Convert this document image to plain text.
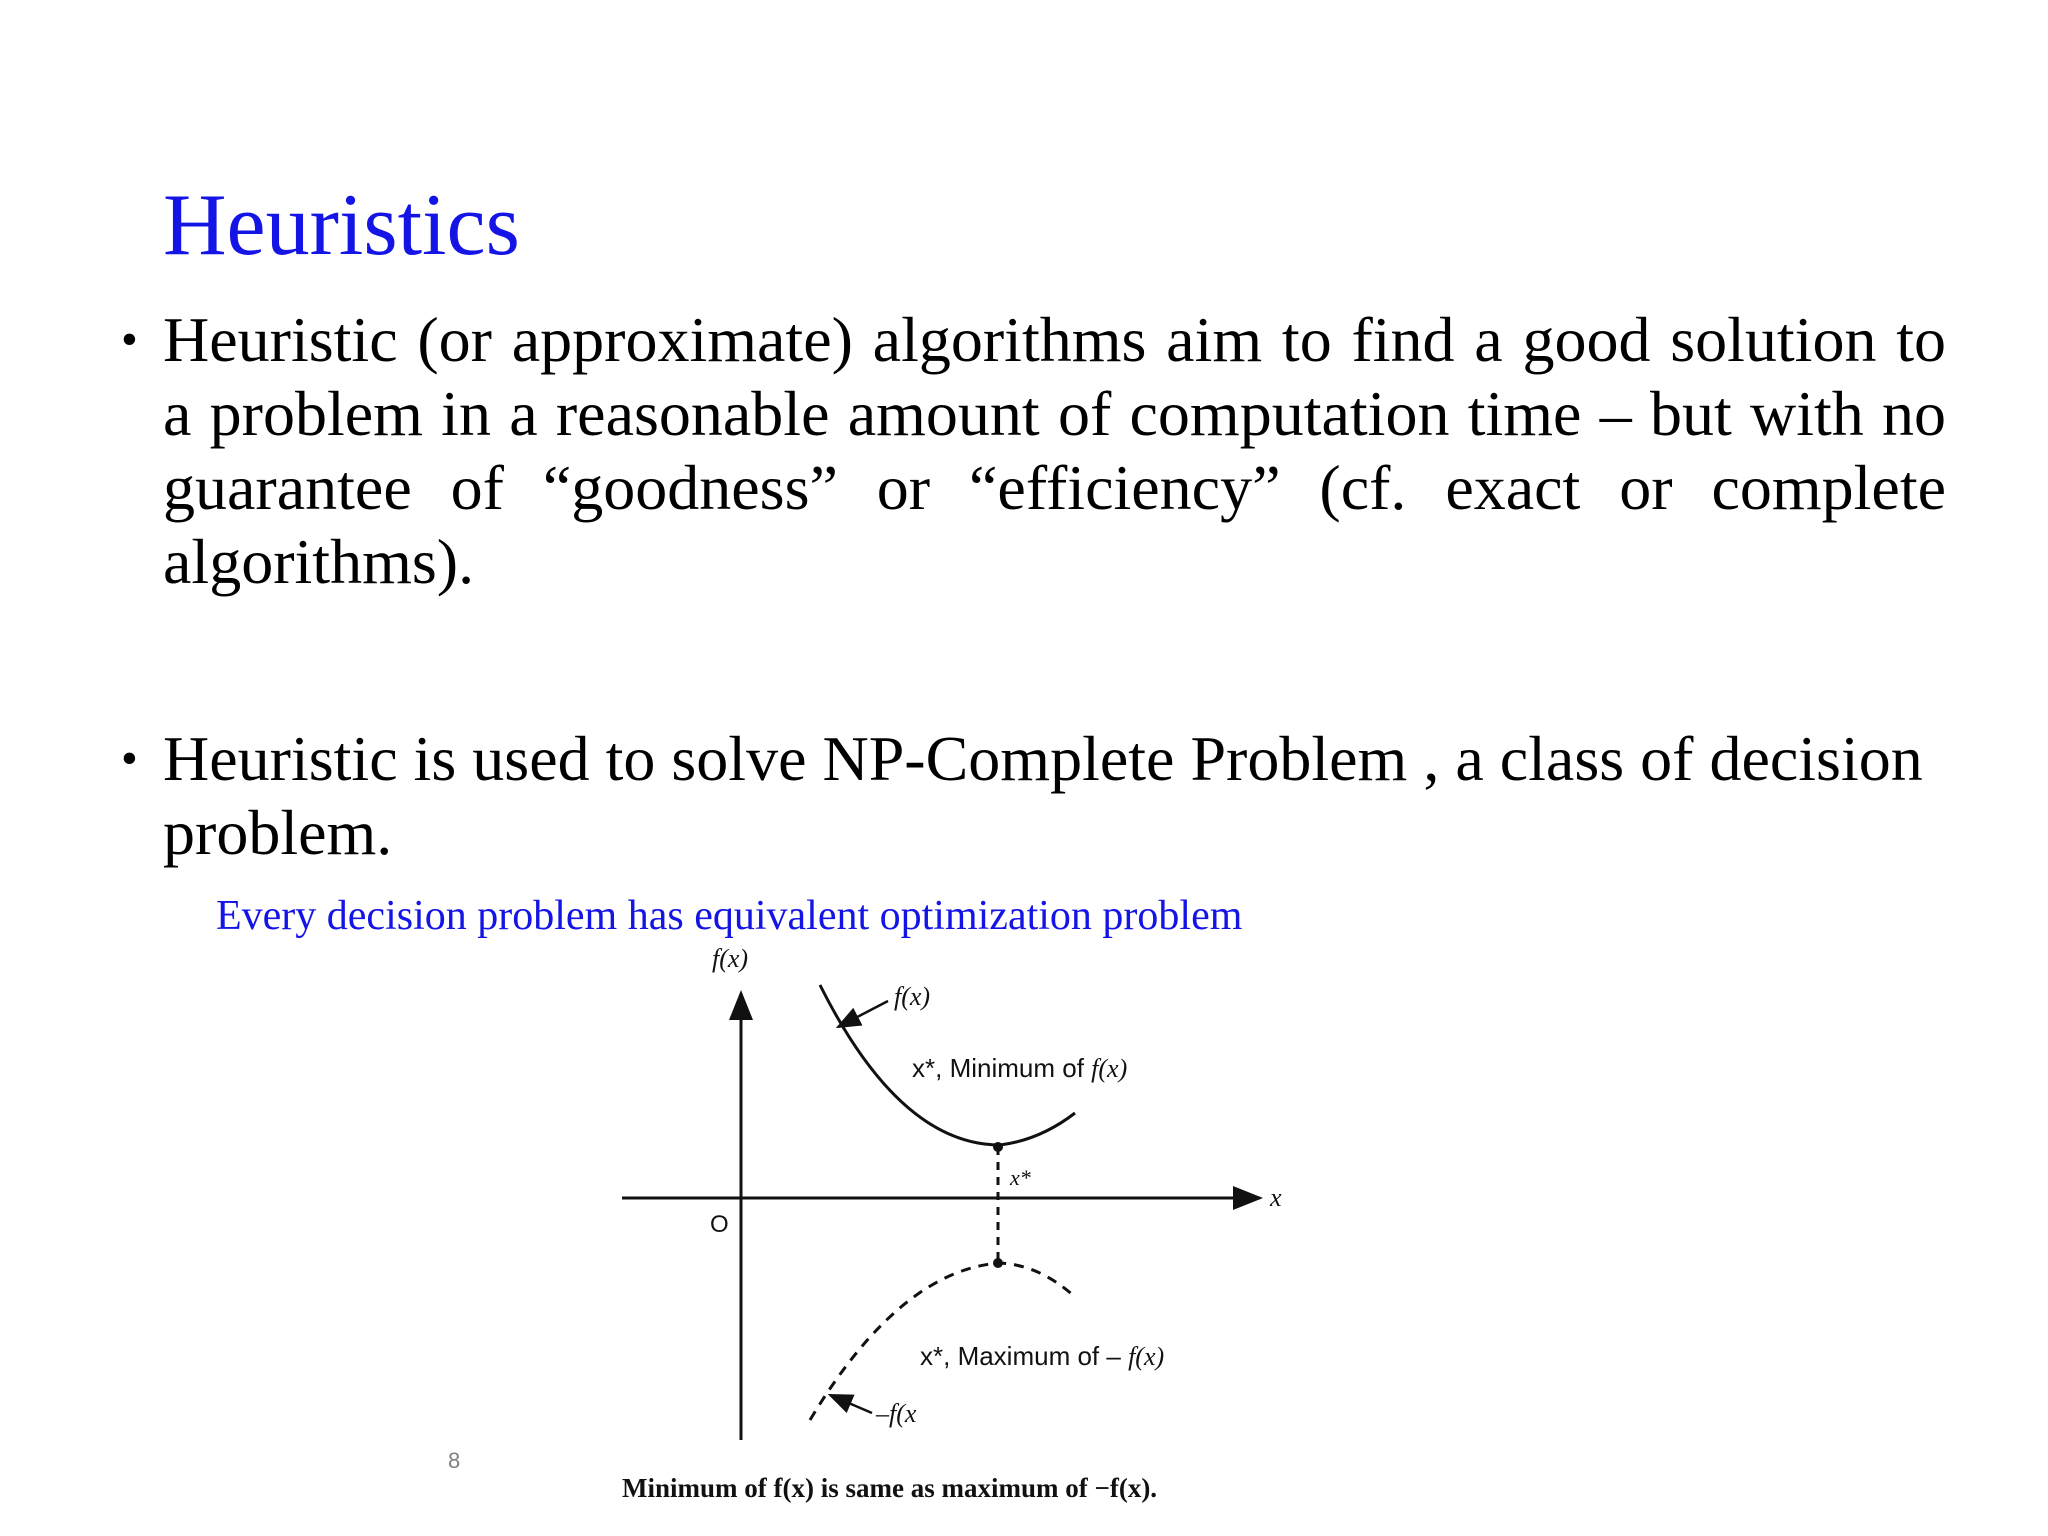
Heuristics
• Heuristic (or approximate) algorithms aim to find a good solution to a problem in a reasonable amount of computation time – but with no guarantee of “goodness” or “efficiency” (cf. exact or complete algorithms).
• Heuristic is used to solve NP-Complete Problem , a class of decision problem.
Every decision problem has equivalent optimization problem
f(x)
x
O
f(x)
x*, Minimum of f(x)
x*
x*, Maximum of – f(x)
–f(x
8
Minimum of f(x) is same as maximum of −f(x).
